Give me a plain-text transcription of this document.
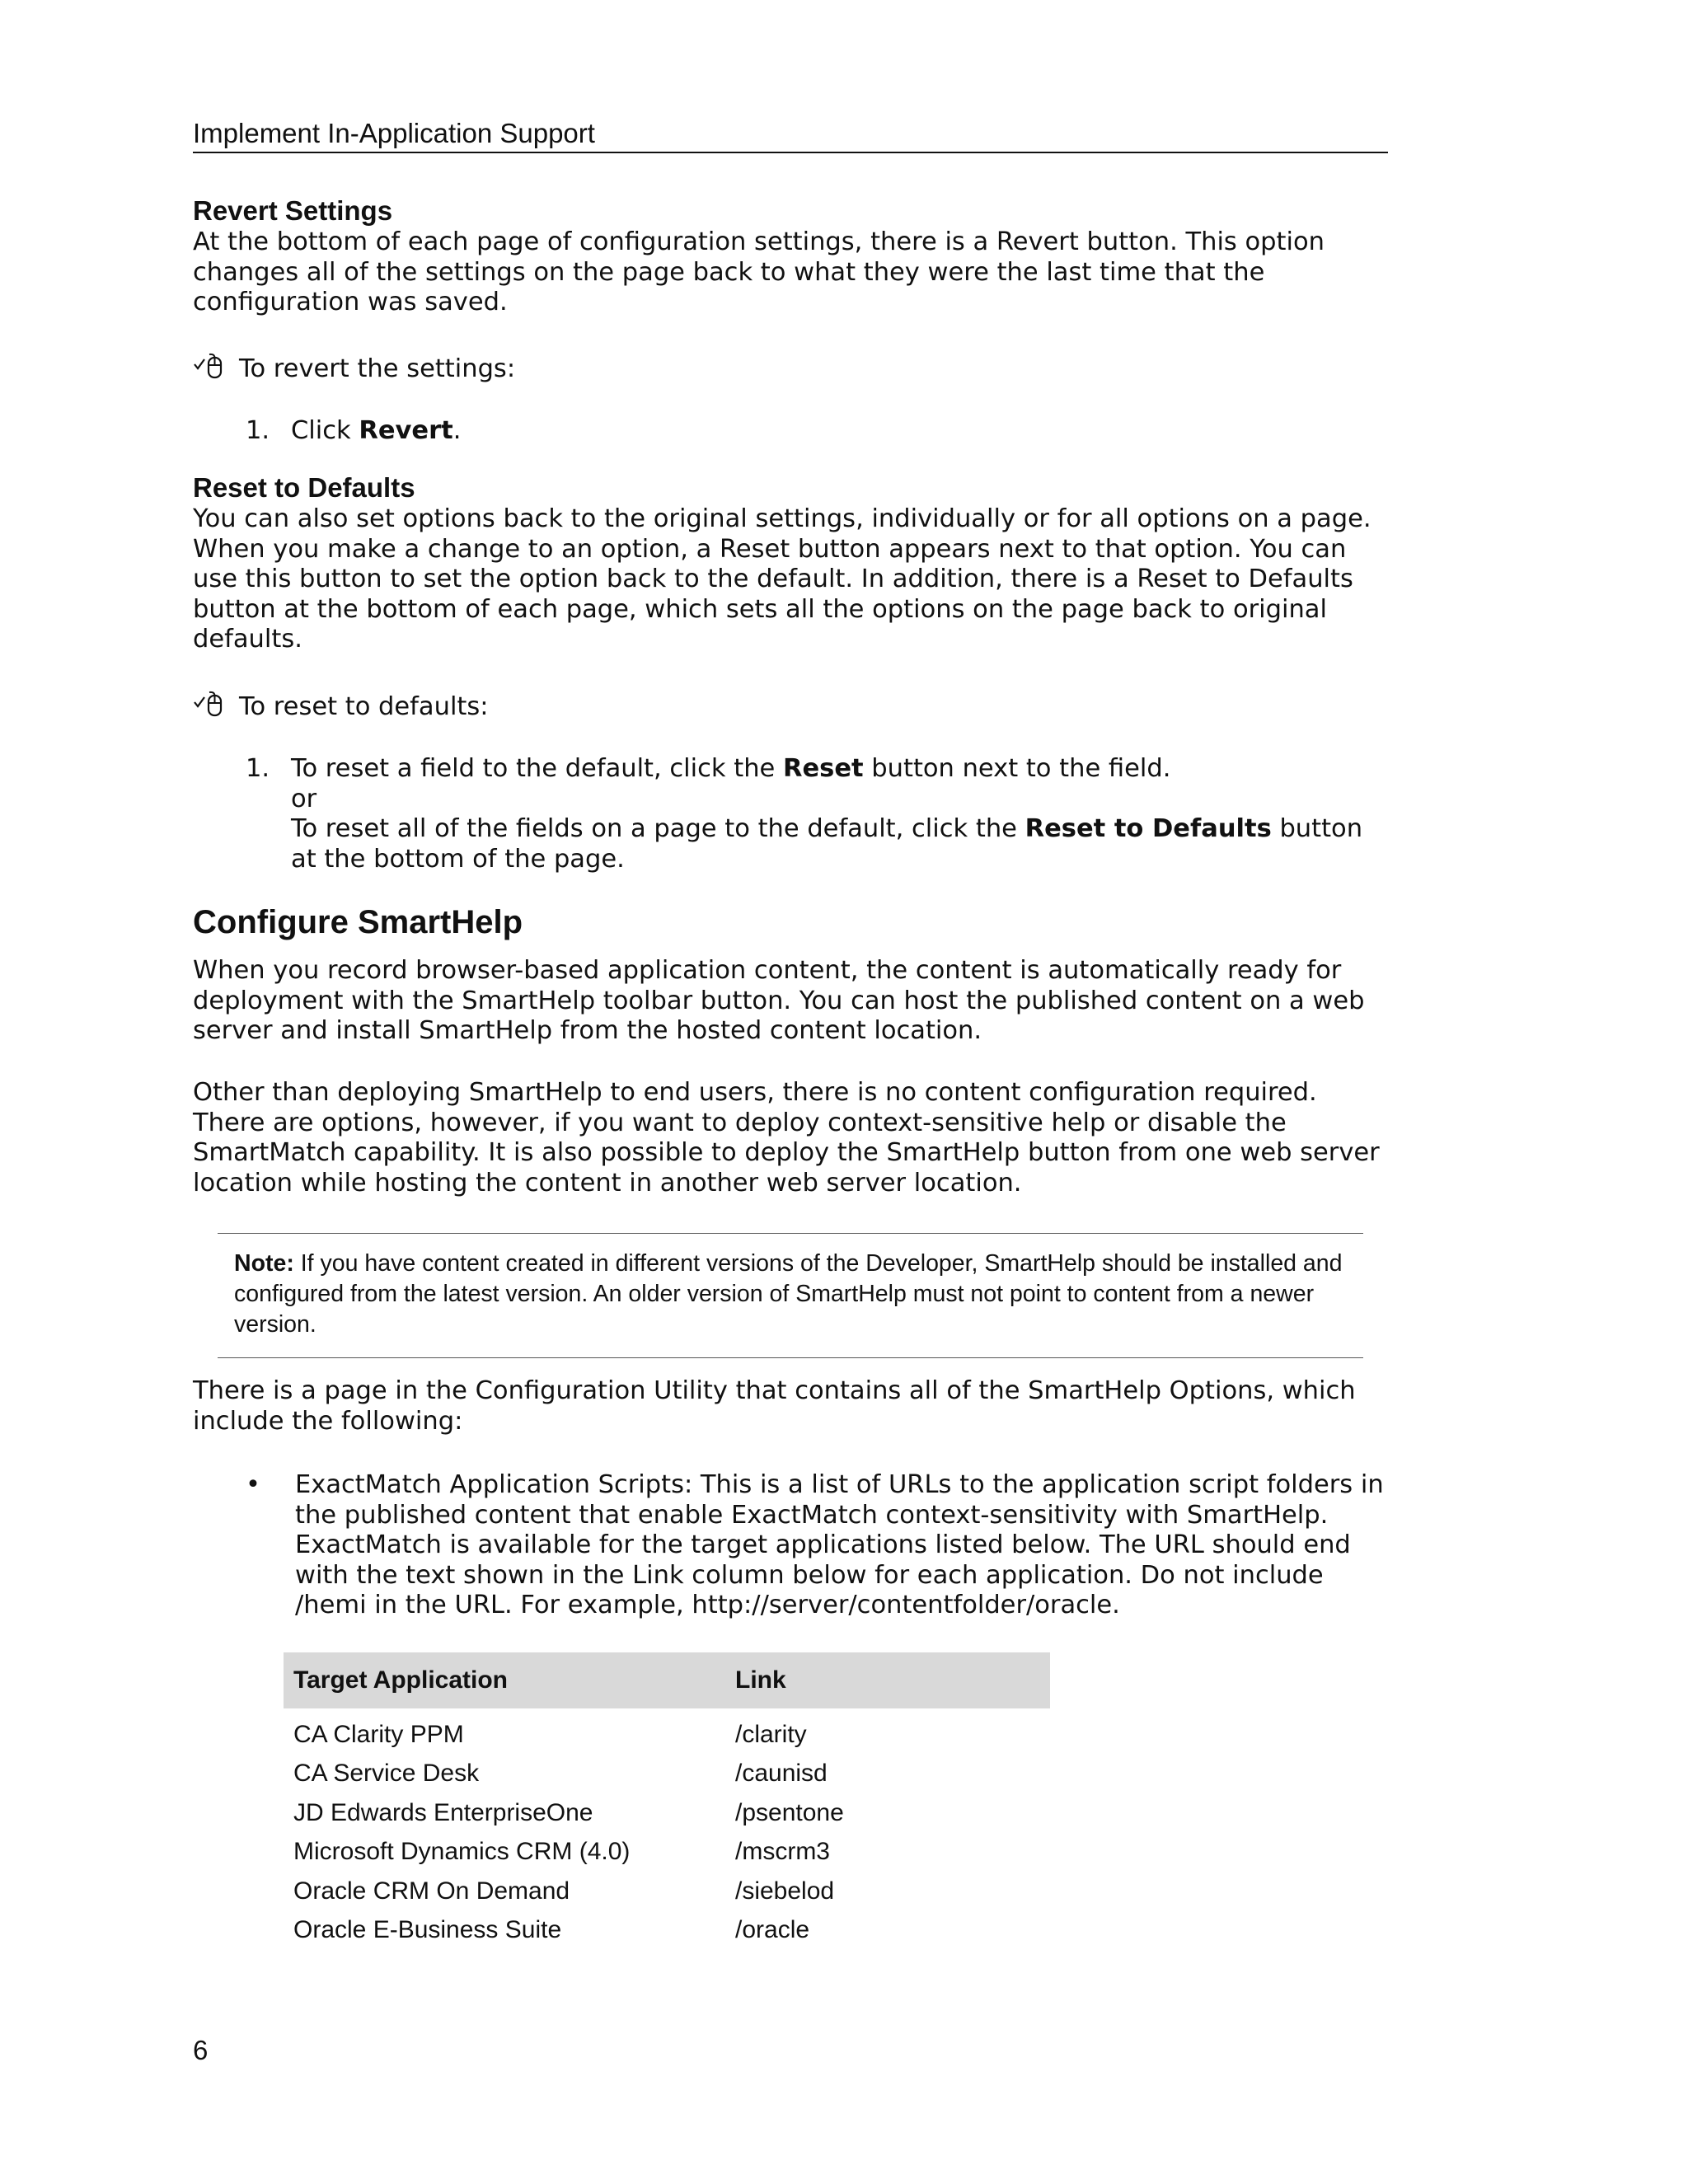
Implement In-Application Support
Revert Settings

At the bottom of each page of configuration settings, there is a Revert button. This option changes all of the settings on the page back to what they were the last time that the configuration was saved.

To revert the settings:
1. Click Revert.
Reset to Defaults

You can also set options back to the original settings, individually or for all options on a page. When you make a change to an option, a Reset button appears next to that option. You can use this button to set the option back to the default. In addition, there is a Reset to Defaults button at the bottom of each page, which sets all the options on the page back to original defaults.

To reset to defaults:
1. To reset a field to the default, click the Reset button next to the field.
or
To reset all of the fields on a page to the default, click the Reset to Defaults button at the bottom of the page.
Configure SmartHelp

When you record browser-based application content, the content is automatically ready for deployment with the SmartHelp toolbar button. You can host the published content on a web server and install SmartHelp from the hosted content location.

Other than deploying SmartHelp to end users, there is no content configuration required. There are options, however, if you want to deploy context-sensitive help or disable the SmartMatch capability. It is also possible to deploy the SmartHelp button from one web server location while hosting the content in another web server location.

Note: If you have content created in different versions of the Developer, SmartHelp should be installed and configured from the latest version. An older version of SmartHelp must not point to content from a newer version.

There is a page in the Configuration Utility that contains all of the SmartHelp Options, which include the following:

•	ExactMatch Application Scripts: This is a list of URLs to the application script folders in the published content that enable ExactMatch context-sensitivity with SmartHelp. ExactMatch is available for the target applications listed below. The URL should end with the text shown in the Link column below for each application. Do not include /hemi in the URL. For example, http://server/contentfolder/oracle.
Target Application	Link
CA Clarity PPM	/clarity
CA Service Desk	/caunisd
JD Edwards EnterpriseOne	/psentone
Microsoft Dynamics CRM (4.0)	/mscrm3
Oracle CRM On Demand	/siebelod
Oracle E-Business Suite	/oracle
6
